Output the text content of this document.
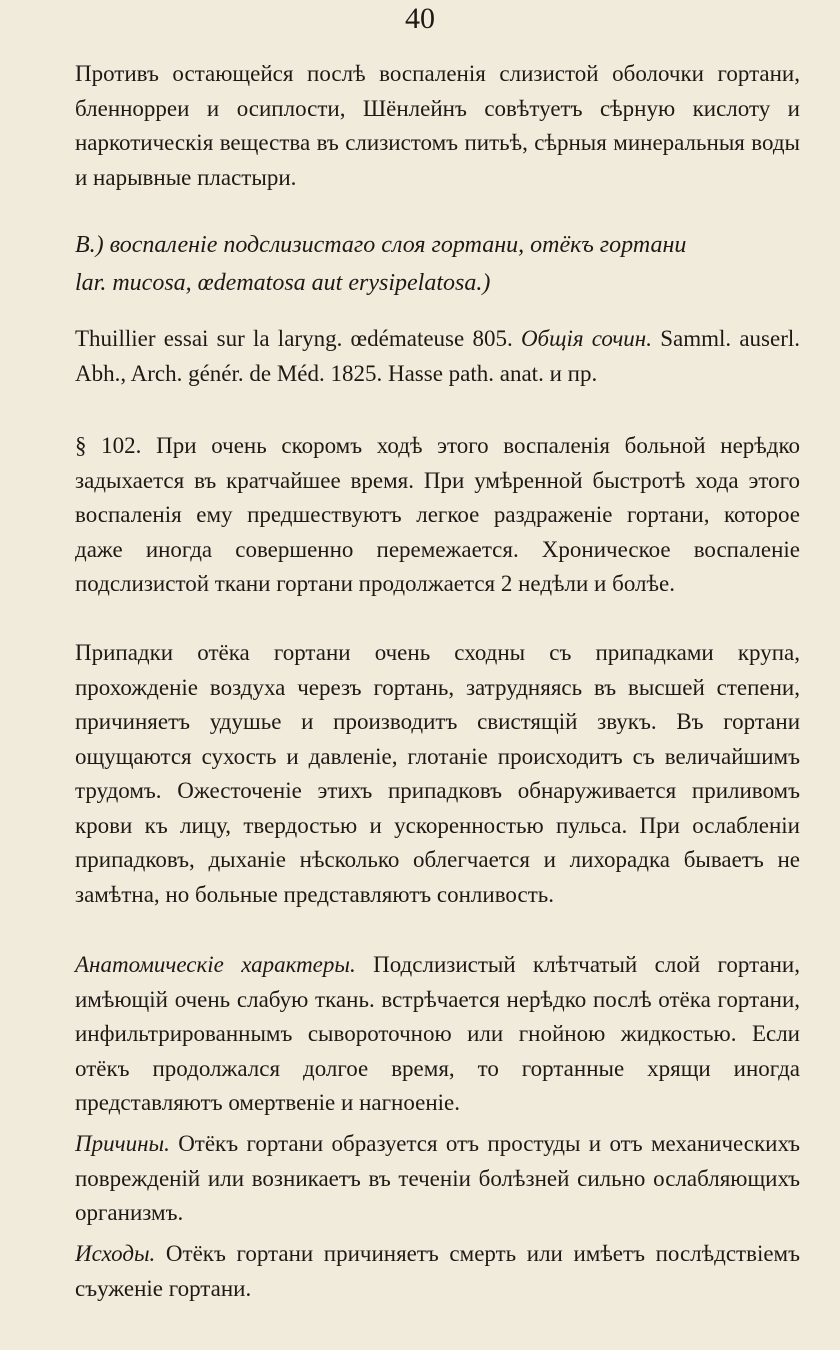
40

Противъ остающейся послѣ воспаленія слизистой оболочки гортани, бленнорреи и осиплости, Шёнлейнъ совѣтуетъ сѣрную кислоту и наркотическія вещества въ слизистомъ питьѣ, сѣрныя минеральныя воды и нарывные пластыри.

В.) воспаленіе подслизистаго слоя гортани, отёкъ гортани
lar. mucosa, œdematosa aut erysipelatosa.)

Thuillier essai sur la laryng. œdémateuse 805. Общія сочин. Samml. auserl. Abh., Arch. génér. de Méd. 1825. Hasse path. anat. и пр.

§ 102. При очень скоромъ ходѣ этого воспаленія больной нерѣдко задыхается въ кратчайшее время. При умѣренной быстротѣ хода этого воспаленія ему предшествуютъ легкое раздраженіе гортани, которое даже иногда совершенно перемежается. Хроническое воспаленіе подслизистой ткани гортани продолжается 2 недѣли и болѣе.

Припадки отёка гортани очень сходны съ припадками крупа, прохожденіе воздуха черезъ гортань, затрудняясь въ высшей степени, причиняетъ удушье и производитъ свистящій звукъ. Въ гортани ощущаются сухость и давленіе, глотаніе происходитъ съ величайшимъ трудомъ. Ожесточеніе этихъ припадковъ обнаруживается приливомъ крови къ лицу, твердостью и ускоренностью пульса. При ослабленіи припадковъ, дыханіе нѣсколько облегчается и лихорадка бываетъ не замѣтна, но больные представляютъ сонливость.

Анатомическіе характеры. Подслизистый клѣтчатый слой гортани, имѣющій очень слабую ткань. встрѣчается нерѣдко послѣ отёка гортани, инфильтрированнымъ сывороточною или гнойною жидкостью. Если отёкъ продолжался долгое время, то гортанные хрящи иногда представляютъ омертвеніе и нагноеніе.

Причины. Отёкъ гортани образуется отъ простуды и отъ механическихъ поврежденій или возникаетъ въ теченіи болѣзней сильно ослабляющихъ организмъ.

Исходы. Отёкъ гортани причиняетъ смерть или имѣетъ послѣдствіемъ съуженіе гортани.
